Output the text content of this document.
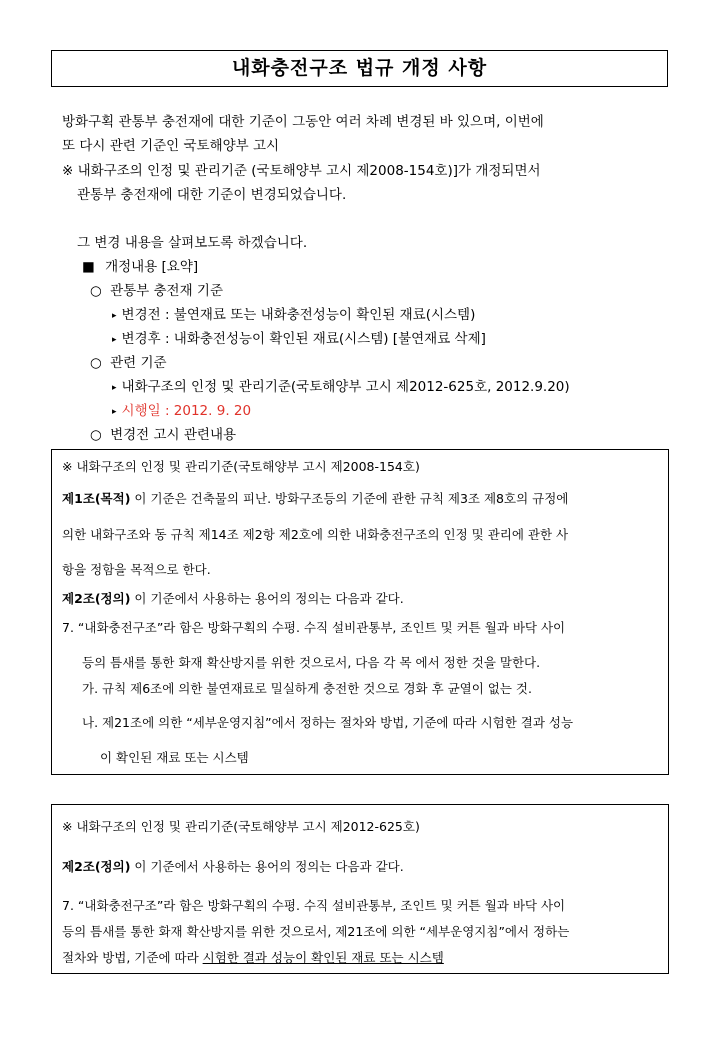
내화충전구조 법규 개정 사항
방화구획 관통부 충전재에 대한 기준이 그동안 여러 차례 변경된 바 있으며, 이번에
또 다시 관련 기준인 국토해양부 고시
※ 내화구조의 인정 및 관리기준 (국토해양부 고시 제2008-154호)]가 개정되면서
관통부 충전재에 대한 기준이 변경되었습니다.
그 변경 내용을 살펴보도록 하겠습니다.
■ 개정내용 [요약]
○ 관통부 충전재 기준
▸ 변경전 : 불연재료 또는 내화충전성능이 확인된 재료(시스템)
▸ 변경후 : 내화충전성능이 확인된 재료(시스템) [불연재료 삭제]
○ 관련 기준
▸ 내화구조의 인정 및 관리기준(국토해양부 고시 제2012-625호, 2012.9.20)
▸ 시행일 : 2012. 9. 20
○ 변경전 고시 관련내용
※ 내화구조의 인정 및 관리기준(국토해양부 고시 제2008-154호)
제1조(목적) 이 기준은 건축물의 피난. 방화구조등의 기준에 관한 규칙 제3조 제8호의 규정에
의한 내화구조와 동 규칙 제14조 제2항 제2호에 의한 내화충전구조의 인정 및 관리에 관한 사
항을 정함을 목적으로 한다.
제2조(정의) 이 기준에서 사용하는 용어의 정의는 다음과 같다.
7. “내화충전구조”라 함은 방화구획의 수평. 수직 설비관통부, 조인트 및 커튼 월과 바닥 사이
등의 틈새를 통한 화재 확산방지를 위한 것으로서, 다음 각 목 에서 정한 것을 말한다.
가. 규칙 제6조에 의한 불연재료로 밀실하게 충전한 것으로 경화 후 균열이 없는 것.
나. 제21조에 의한 “세부운영지침”에서 정하는 절차와 방법, 기준에 따라 시험한 결과 성능
이 확인된 재료 또는 시스템
※ 내화구조의 인정 및 관리기준(국토해양부 고시 제2012-625호)
제2조(정의) 이 기준에서 사용하는 용어의 정의는 다음과 같다.
7. “내화충전구조”라 함은 방화구획의 수평. 수직 설비관통부, 조인트 및 커튼 월과 바닥 사이
등의 틈새를 통한 화재 확산방지를 위한 것으로서, 제21조에 의한 “세부운영지침”에서 정하는
절차와 방법, 기준에 따라 시험한 결과 성능이 확인된 재료 또는 시스템
